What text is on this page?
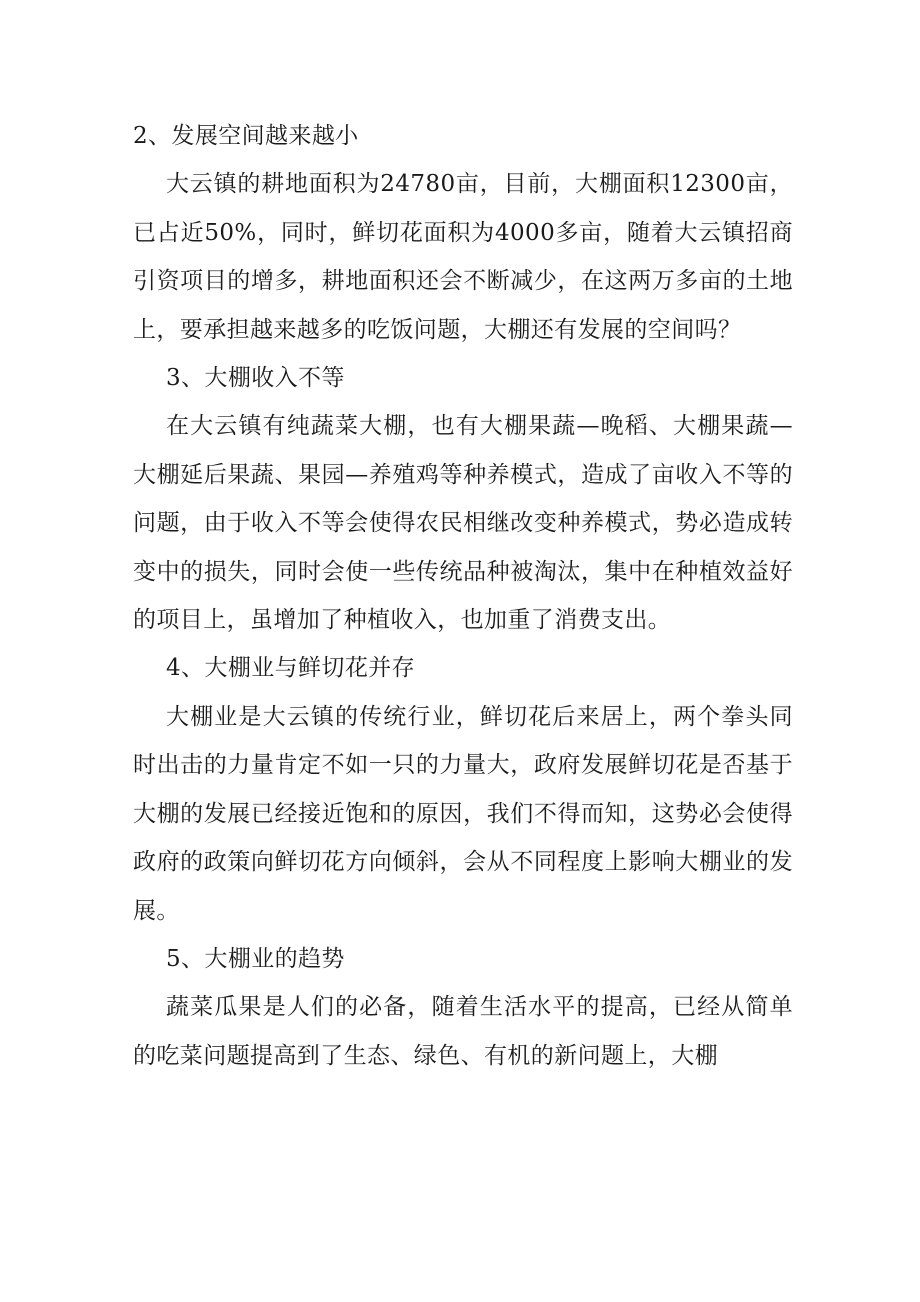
2、发展空间越来越小

大云镇的耕地面积为24780亩，目前，大棚面积12300亩，已占近50%，同时，鲜切花面积为4000多亩，随着大云镇招商引资项目的增多，耕地面积还会不断减少，在这两万多亩的土地上，要承担越来越多的吃饭问题，大棚还有发展的空间吗？

3、大棚收入不等

在大云镇有纯蔬菜大棚，也有大棚果蔬—晚稻、大棚果蔬—大棚延后果蔬、果园—养殖鸡等种养模式，造成了亩收入不等的问题，由于收入不等会使得农民相继改变种养模式，势必造成转变中的损失，同时会使一些传统品种被淘汰，集中在种植效益好的项目上，虽增加了种植收入，也加重了消费支出。

4、大棚业与鲜切花并存

大棚业是大云镇的传统行业，鲜切花后来居上，两个拳头同时出击的力量肯定不如一只的力量大，政府发展鲜切花是否基于大棚的发展已经接近饱和的原因，我们不得而知，这势必会使得政府的政策向鲜切花方向倾斜，会从不同程度上影响大棚业的发展。

5、大棚业的趋势

蔬菜瓜果是人们的必备，随着生活水平的提高，已经从简单的吃菜问题提高到了生态、绿色、有机的新问题上，大棚
